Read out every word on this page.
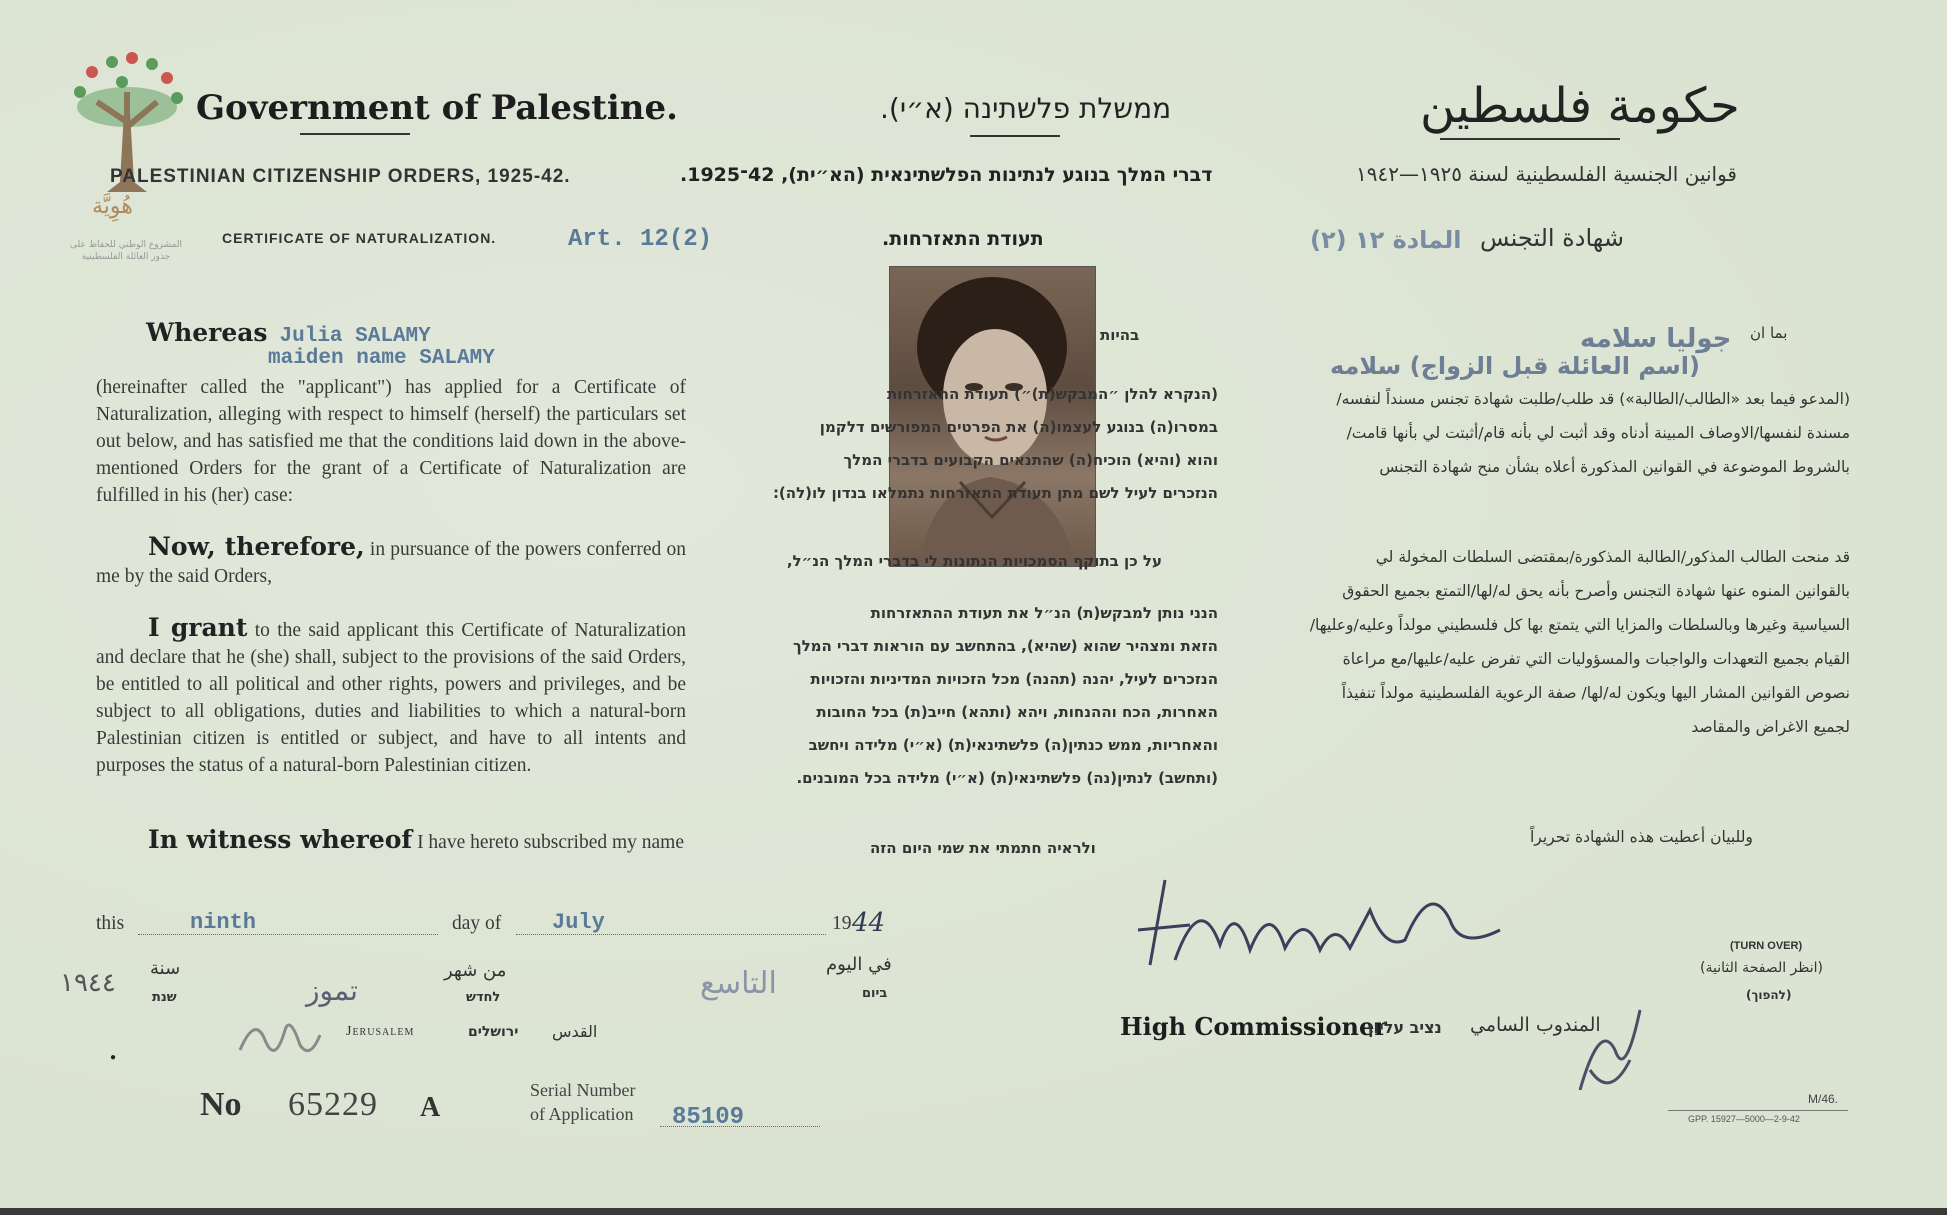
هُوِيَّة
المشروع الوطني للحفاظ على
جذور العائلة الفلسطينية
Government of Palestine.	ממשלת פלשתינה (א״י).	حكومة فلسطين
PALESTINIAN CITIZENSHIP ORDERS, 1925-42.	דברי המלך בנוגע לנתינות הפלשתינאית (הא״ית), 42־1925.	قوانين الجنسية الفلسطينية لسنة ١٩٢٥—١٩٤٢
CERTIFICATE OF NATURALIZATION.	Art. 12(2)	תעודת התאזרחות.	(٢) المادة ١٢ شهادة التجنس
Whereas Julia SALAMY
maiden name SALAMY
(hereinafter called the "applicant") has applied for a Certificate of Naturalization, alleging with respect to himself (herself) the particulars set out below, and has satisfied me that the conditions laid down in the above-mentioned Orders for the grant of a Certificate of Naturalization are fulfilled in his (her) case:
Now, therefore, in pursuance of the powers conferred on me by the said Orders,
I grant to the said applicant this Certificate of Naturalization and declare that he (she) shall, subject to the provisions of the said Orders, be entitled to all political and other rights, powers and privileges, and be subject to all obligations, duties and liabilities to which a natural-born Palestinian citizen is entitled or subject, and have to all intents and purposes the status of a natural-born Palestinian citizen.
In witness whereof I have hereto subscribed my name
בהיות
(הנקרא להלן ״המבקש(ת)״) תעודת התאזרחות
במסרו(ה) בנוגע לעצמו(ה) את הפרטים המפורשים דלקמן
והוא (והיא) הוכיח(ה) שהתנאים הקבועים בדברי המלך
הנזכרים לעיל לשם מתן תעודת התאזרחות נתמלאו בנדון לו(לה):
על כן בתוקף הסמכויות הנתונות לי בדברי המלך הנ״ל,
הנני נותן למבקש(ת) הנ״ל את תעודת ההתאזרחות
הזאת ומצהיר שהוא (שהיא), בהתחשב עם הוראות דברי המלך
הנזכרים לעיל, יהנה (תהנה) מכל הזכויות המדיניות והזכויות
האחרות, הכח וההנחות, ויהא (ותהא) חייב(ת) בכל החובות
והאחריות, ממש כנתין(ה) פלשתינאי(ת) (א״י) מלידה ויחשב
(ותחשב) לנתין(נה) פלשתינאי(ת) (א״י) מלידה בכל המובנים.
ולראיה חתמתי את שמי היום הזה
بما ان
جوليا سلامه
(اسم العائلة قبل الزواج) سلامه
(المدعو فيما بعد «الطالب/الطالبة») قد طلب/طلبت شهادة تجنس مسنداً لنفسه/
مسندة لنفسها/الاوصاف المبينة أدناه وقد أثبت لي بأنه قام/أثبتت لي بأنها قامت/
بالشروط الموضوعة في القوانين المذكورة أعلاه بشأن منح شهادة التجنس
قد منحت الطالب المذكور/الطالبة المذكورة/بمقتضى السلطات المخولة لي
بالقوانين المنوه عنها شهادة التجنس وأصرح بأنه يحق له/لها/التمتع بجميع الحقوق
السياسية وغيرها وبالسلطات والمزايا التي يتمتع بها كل فلسطيني مولداً وعليه/وعليها/
القيام بجميع التعهدات والواجبات والمسؤوليات التي تفرض عليه/عليها/مع مراعاة
نصوص القوانين المشار اليها ويكون له/لها/ صفة الرعوية الفلسطينية مولداً تنفيذاً
لجميع الاغراض والمقاصد
وللبيان أعطيت هذه الشهادة تحريراً
this	ninth	day of July	19 44
في اليوم
ביום
التاسع
من شهر
לחדש
تموز
سنة
שנת
١٩٤٤
Jerusalem	ירושלים القدس	High Commissioner
נציב עליון المندوب السامي
(TURN OVER)
(انظر الصفحة الثانية)
(להפוך)
●
No 65229 A
Serial Number
of Application 85109
M/46.
GPP. 15927—5000—2-9-42
